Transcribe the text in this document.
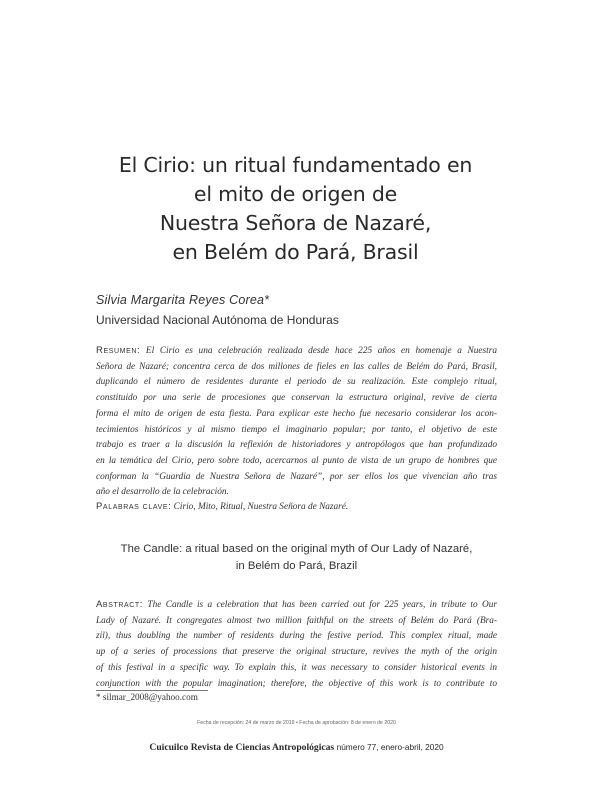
El Cirio: un ritual fundamentado en
el mito de origen de
Nuestra Señora de Nazaré,
en Belém do Pará, Brasil
Silvia Margarita Reyes Corea*
Universidad Nacional Autónoma de Honduras
Resumen: El Cirio es una celebración realizada desde hace 225 años en homenaje a Nuestra
Señora de Nazaré; concentra cerca de dos millones de fieles en las calles de Belém do Pará, Brasil,
duplicando el número de residentes durante el periodo de su realización. Este complejo ritual,
constituido por una serie de procesiones que conservan la estructura original, revive de cierta
forma el mito de origen de esta fiesta. Para explicar este hecho fue necesario considerar los acon-
tecimientos históricos y al mismo tiempo el imaginario popular; por tanto, el objetivo de este
trabajo es traer a la discusión la reflexión de historiadores y antropólogos que han profundizado
en la temática del Cirio, pero sobre todo, acercarnos al punto de vista de un grupo de hombres que
conforman la “Guardia de Nuestra Señora de Nazaré”, por ser ellos los que vivencian año tras
año el desarrollo de la celebración.
Palabras clave: Cirio, Mito, Ritual, Nuestra Señora de Nazaré.
The Candle: a ritual based on the original myth of Our Lady of Nazaré,
in Belém do Pará, Brazil
Abstract: The Candle is a celebration that has been carried out for 225 years, in tribute to Our
Lady of Nazaré. It congregates almost two million faithful on the streets of Belém do Pará (Bra-
zil), thus doubling the number of residents during the festive period. This complex ritual, made
up of a series of processions that preserve the original structure, revives the myth of the origin
of this festival in a specific way. To explain this, it was necessary to consider historical events in
conjunction with the popular imagination; therefore, the objective of this work is to contribute to
* silmar_2008@yahoo.com
Fecha de recepción: 24 de marzo de 2019 ▪ Fecha de aprobación: 8 de enero de 2020
Cuicuilco Revista de Ciencias Antropológicas número 77, enero-abril, 2020
